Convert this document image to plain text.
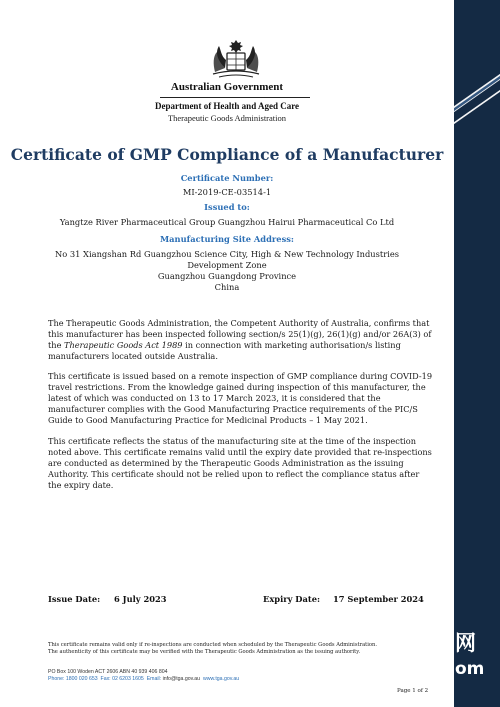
Australian Government
Department of Health and Aged Care
Therapeutic Goods Administration
Certificate of GMP Compliance of a Manufacturer
Certificate Number:
MI-2019-CE-03514-1
Issued to:
Yangtze River Pharmaceutical Group Guangzhou Hairui Pharmaceutical Co Ltd
Manufacturing Site Address:
No 31 Xiangshan Rd Guangzhou Science City, High & New Technology Industries Development Zone
Guangzhou Guangdong Province
China

The Therapeutic Goods Administration, the Competent Authority of Australia, confirms that this manufacturer has been inspected following section/s 25(1)(g), 26(1)(g) and/or 26A(3) of the Therapeutic Goods Act 1989 in connection with marketing authorisation/s listing manufacturers located outside Australia.

This certificate is issued based on a remote inspection of GMP compliance during COVID-19 travel restrictions. From the knowledge gained during inspection of this manufacturer, the latest of which was conducted on 13 to 17 March 2023, it is considered that the manufacturer complies with the Good Manufacturing Practice requirements of the PIC/S Guide to Good Manufacturing Practice for Medicinal Products – 1 May 2021.

This certificate reflects the status of the manufacturing site at the time of the inspection noted above. This certificate remains valid until the expiry date provided that re-inspections are conducted as determined by the Therapeutic Goods Administration as the issuing Authority. This certificate should not be relied upon to reflect the compliance status after the expiry date.

Issue Date: 6 July 2023	Expiry Date: 17 September 2024
This certificate remains valid only if re-inspections are conducted when scheduled by the Therapeutic Goods Administration.
The authenticity of this certificate may be verified with the Therapeutic Goods Administration as the issuing authority.
PO Box 100 Woden ACT 2606 ABN 40 939 406 804
Phone: 1800 020 653 Fax: 02 6203 1605 Email: info@tga.gov.au www.tga.gov.au
Page 1 of 2
网
om
